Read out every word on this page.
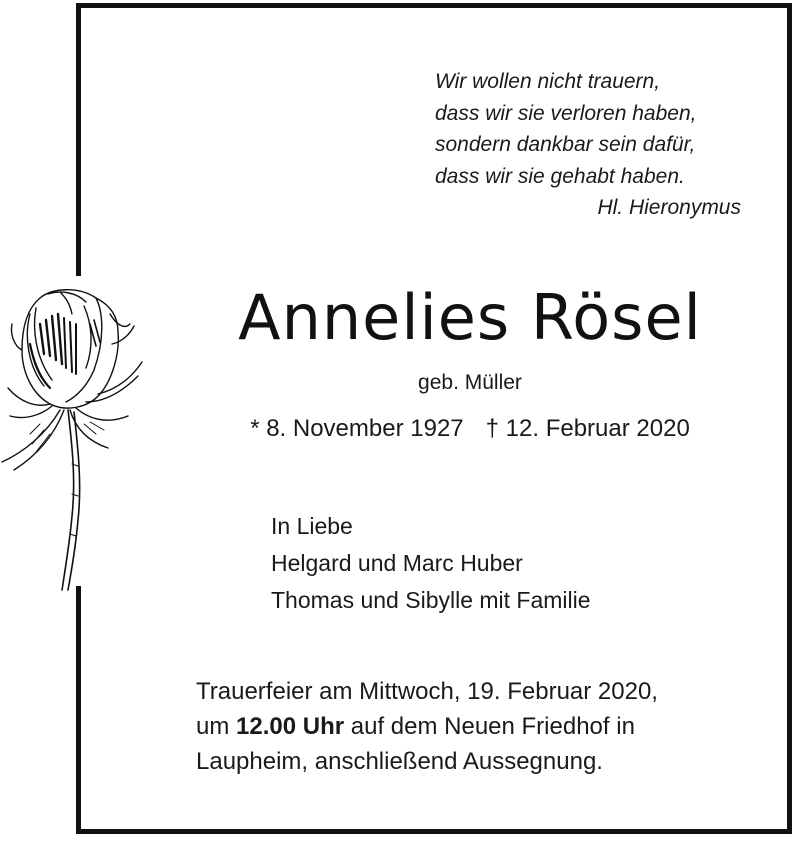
Wir wollen nicht trauern,
dass wir sie verloren haben,
sondern dankbar sein dafür,
dass wir sie gehabt haben.
Hl. Hieronymus
Annelies Rösel
geb. Müller
* 8. November 1927 † 12. Februar 2020
In Liebe
Helgard und Marc Huber
Thomas und Sibylle mit Familie
Trauerfeier am Mittwoch, 19. Februar 2020,
um 12.00 Uhr auf dem Neuen Friedhof in
Laupheim, anschließend Aussegnung.
